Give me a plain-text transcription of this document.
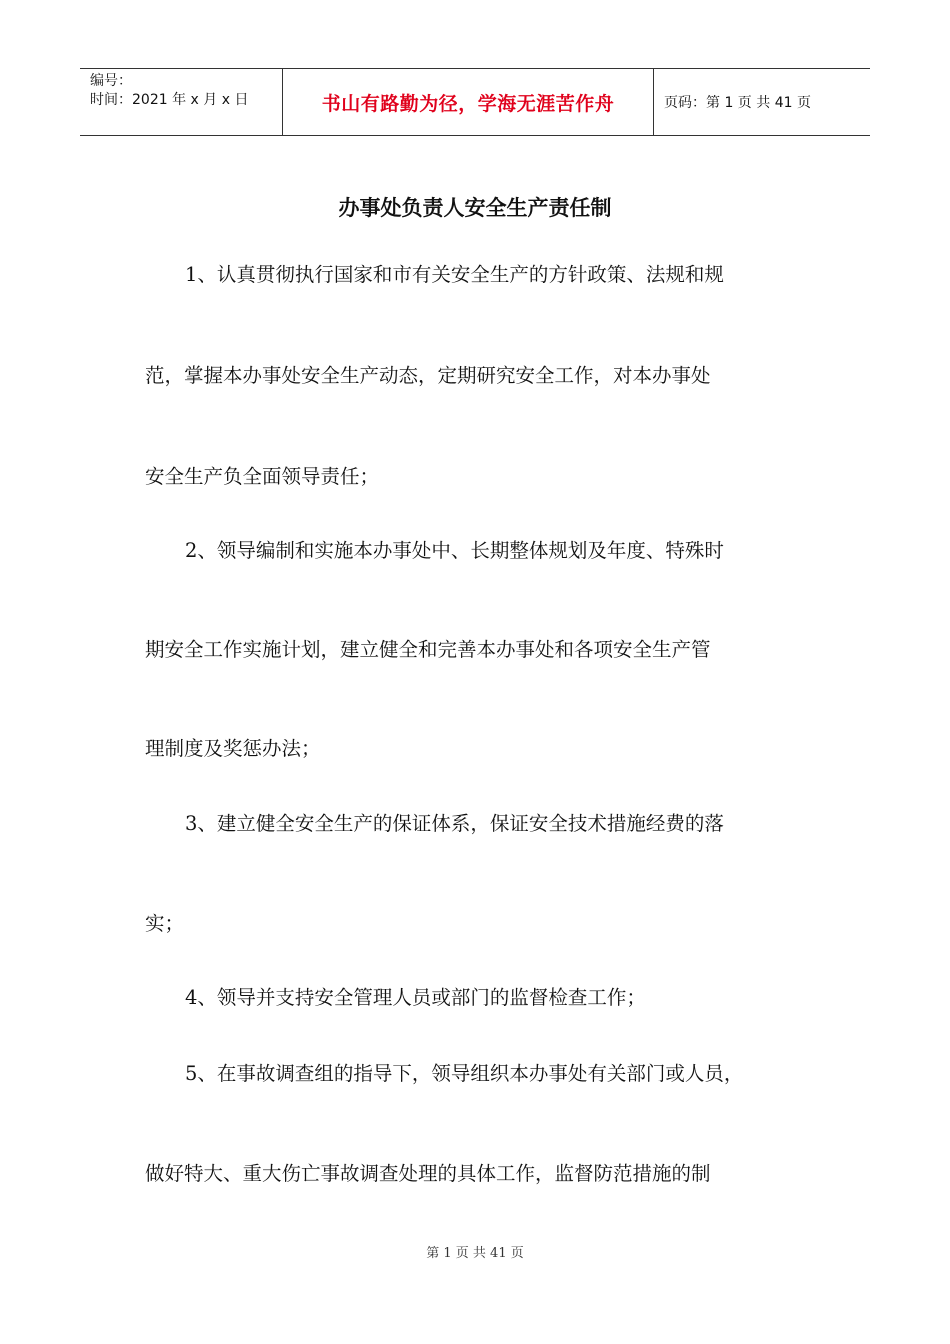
编号：
时间：2021 年 x 月 x 日	书山有路勤为径，学海无涯苦作舟	页码：第 1 页 共 41 页
办事处负责人安全生产责任制
1、认真贯彻执行国家和市有关安全生产的方针政策、法规和规
范，掌握本办事处安全生产动态，定期研究安全工作，对本办事处
安全生产负全面领导责任；
2、领导编制和实施本办事处中、长期整体规划及年度、特殊时
期安全工作实施计划，建立健全和完善本办事处和各项安全生产管
理制度及奖惩办法；
3、建立健全安全生产的保证体系，保证安全技术措施经费的落
实；
4、领导并支持安全管理人员或部门的监督检查工作；
5、在事故调查组的指导下，领导组织本办事处有关部门或人员，
做好特大、重大伤亡事故调查处理的具体工作，监督防范措施的制
第 1 页 共 41 页
